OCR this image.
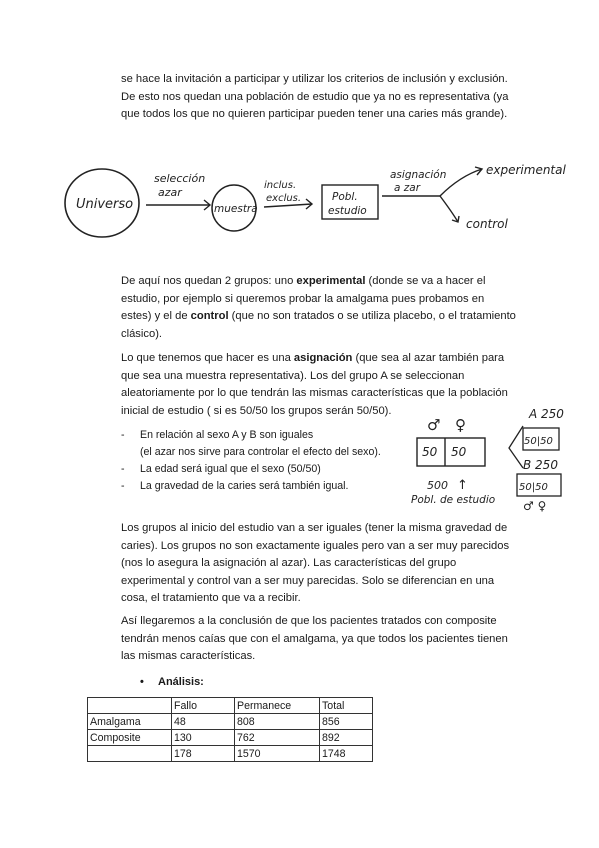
se hace la invitación a participar y utilizar los criterios de inclusión y exclusión. De esto nos quedan una población de estudio que ya no es representativa (ya que todos los que no quieren participar pueden tener una caries más grande).

Universo
selección
azar
muestra
inclus.
exclus.	Pobl.
estudio
asignación
a zar
experimental
control

De aquí nos quedan 2 grupos: uno experimental (donde se va a hacer el estudio, por ejemplo si queremos probar la amalgama pues probamos en estes) y el de control (que no son tratados o se utiliza placebo, o el tratamiento clásico).

Lo que tenemos que hacer es una asignación (que sea al azar también para que sea una muestra representativa). Los del grupo A se seleccionan aleatoriamente por lo que tendrán las mismas características que la población inicial de estudio ( si es 50/50 los grupos serán 50/50).

- En relación al sexo A y B son iguales
(el azar nos sirve para controlar el efecto del sexo).
- La edad será igual que el sexo (50/50)
- La gravedad de la caries será también igual.
♂ ♀
50 50
500 ↑
Pobl. de estudio
A 250
50|50
B 250
50|50
♂ ♀

Los grupos al inicio del estudio van a ser iguales (tener la misma gravedad de caries). Los grupos no son exactamente iguales pero van a ser muy parecidos (nos lo asegura la asignación al azar). Las características del grupo experimental y control van a ser muy parecidas. Solo se diferencian en una cosa, el tratamiento que va a recibir.

Así llegaremos a la conclusión de que los pacientes tratados con composite tendrán menos caías que con el amalgama, ya que todos los pacientes tienen las mismas características.

• Análisis:
	Fallo	Permanece	Total
Amalgama	48	808	856
Composite	130	762	892
	178	1570	1748
